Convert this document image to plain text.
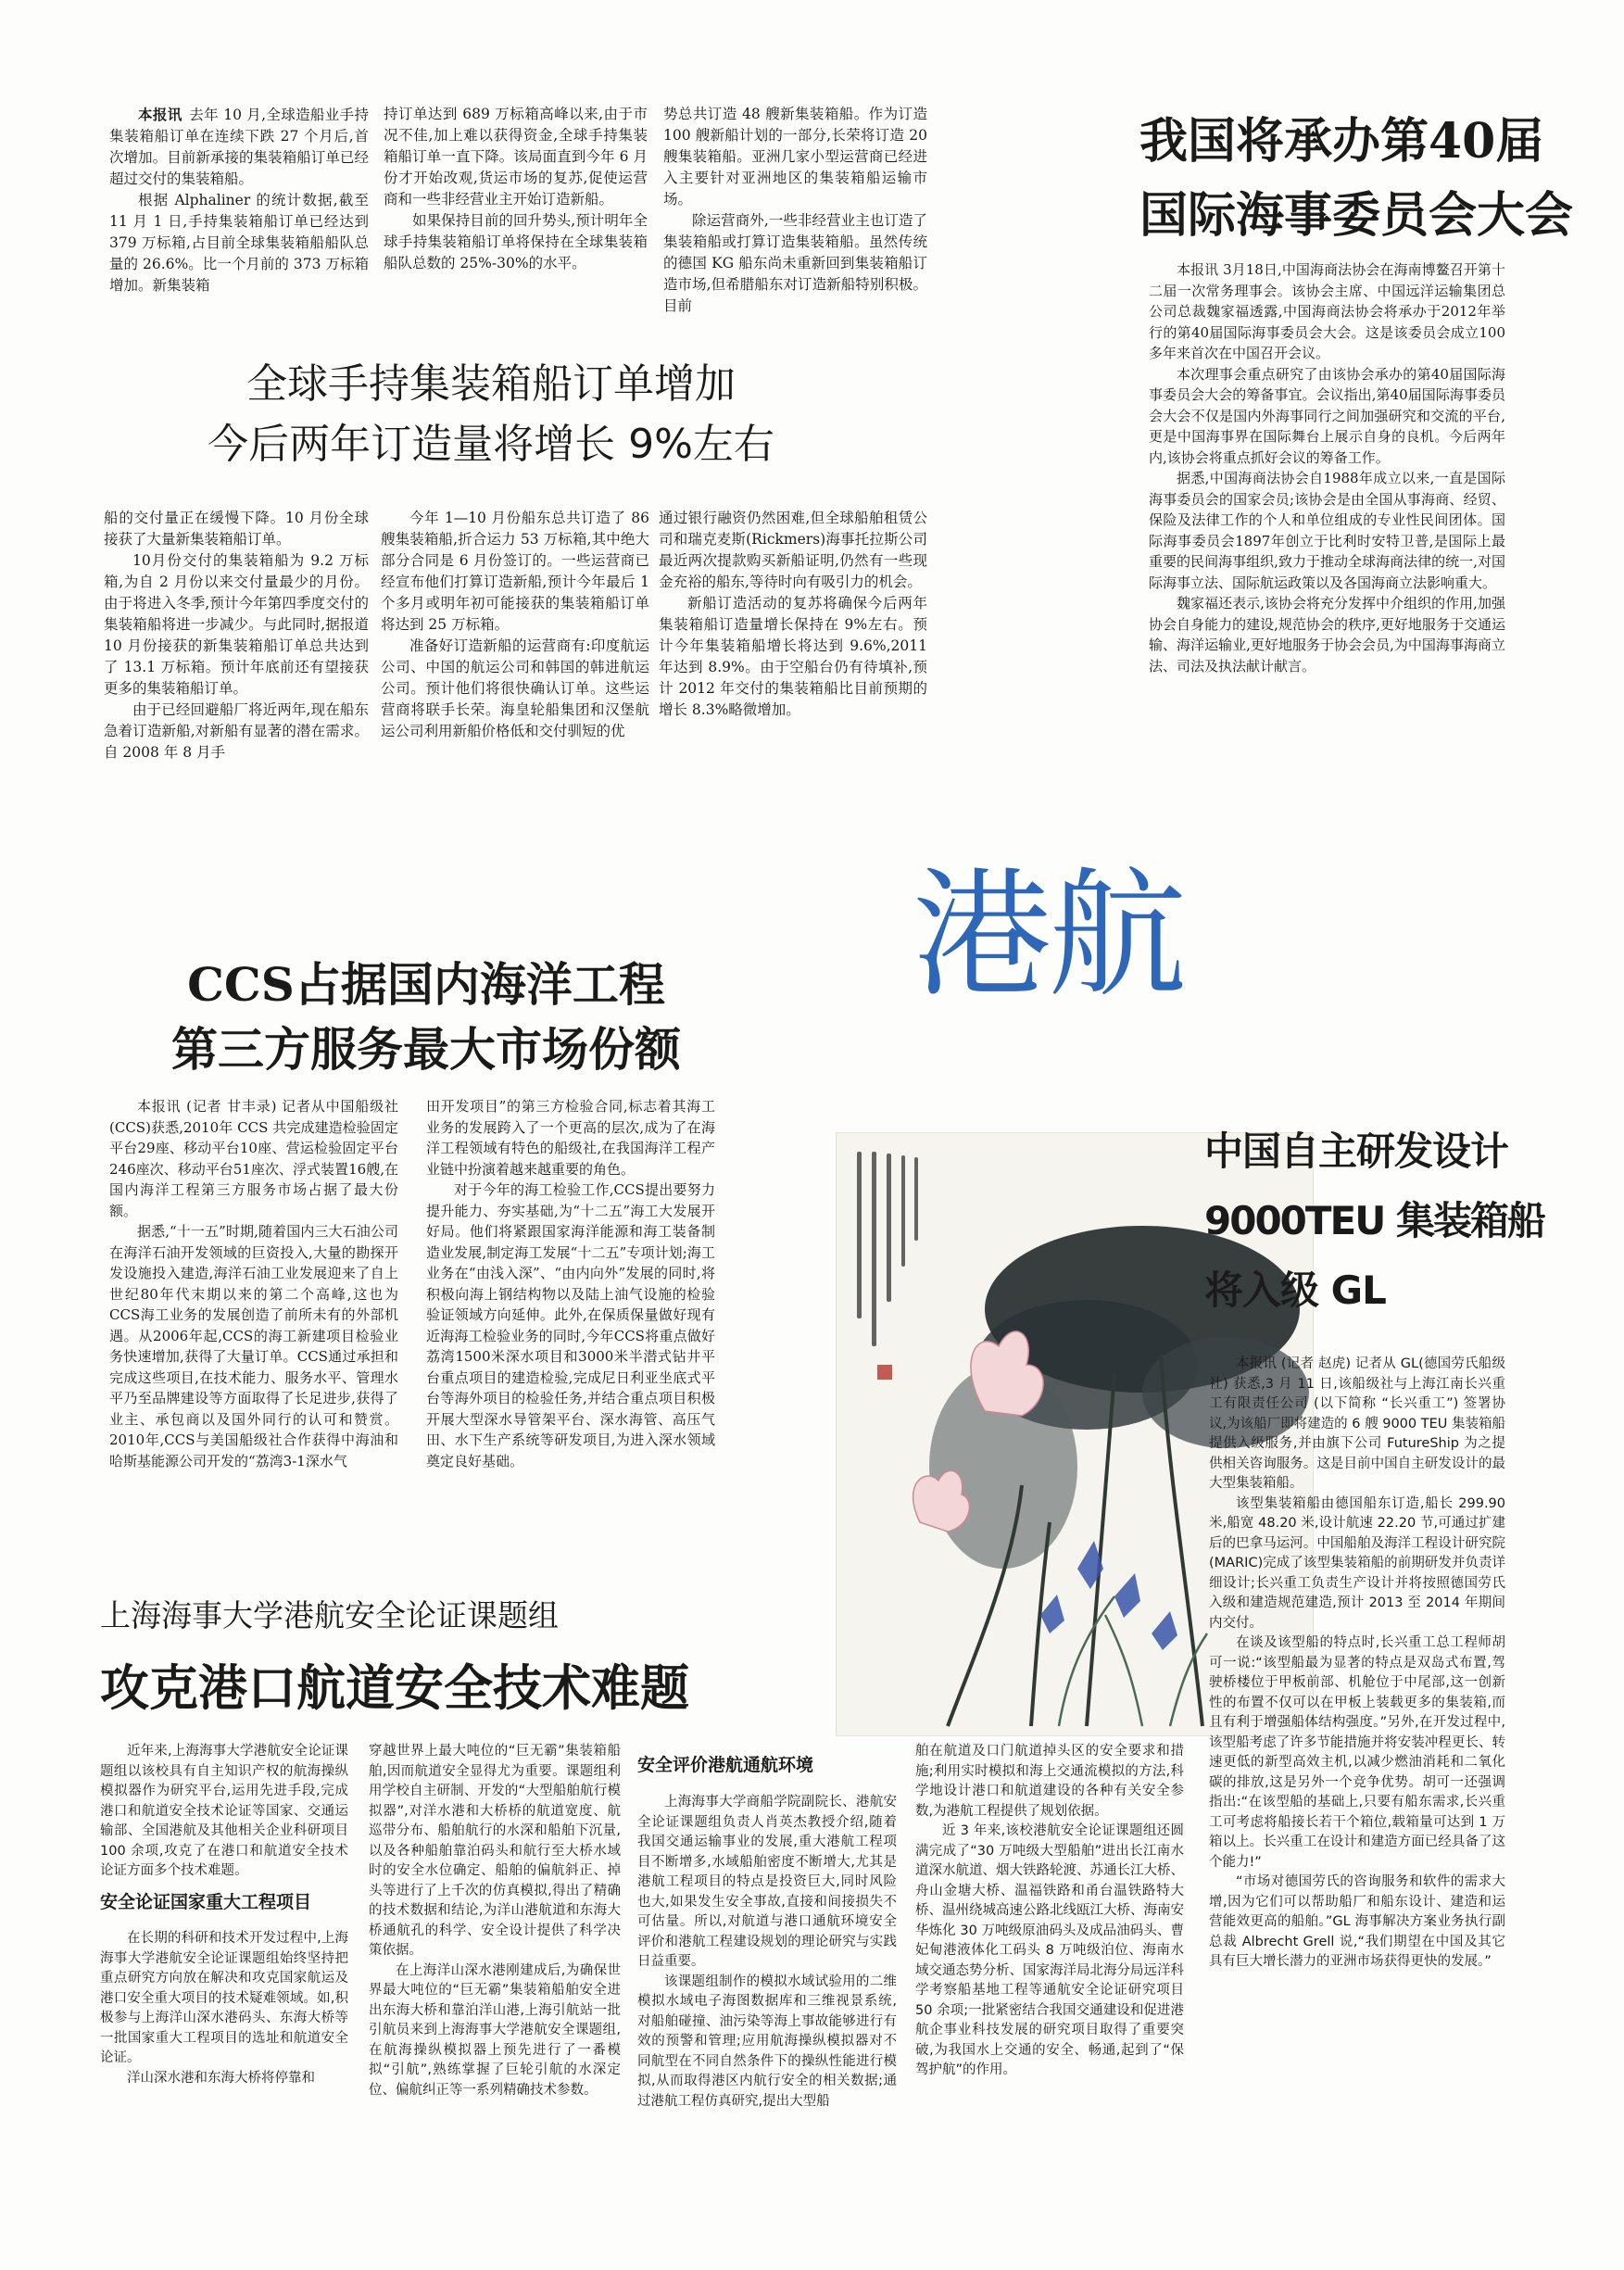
本报讯 去年 10 月,全球造船业手持集装箱船订单在连续下跌 27 个月后,首次增加。目前新承接的集装箱船订单已经超过交付的集装箱船。

根据 Alphaliner 的统计数据,截至 11 月 1 日,手持集装箱船订单已经达到 379 万标箱,占目前全球集装箱船船队总量的 26.6%。比一个月前的 373 万标箱增加。新集装箱

持订单达到 689 万标箱高峰以来,由于市况不佳,加上难以获得资金,全球手持集装箱船订单一直下降。该局面直到今年 6 月份才开始改观,货运市场的复苏,促使运营商和一些非经营业主开始订造新船。

如果保持目前的回升势头,预计明年全球手持集装箱船订单将保持在全球集装箱船队总数的 25%-30%的水平。

势总共订造 48 艘新集装箱船。作为订造 100 艘新船计划的一部分,长荣将订造 20 艘集装箱船。亚洲几家小型运营商已经进入主要针对亚洲地区的集装箱船运输市场。

除运营商外,一些非经营业主也订造了集装箱船或打算订造集装箱船。虽然传统的德国 KG 船东尚未重新回到集装箱船订造市场,但希腊船东对订造新船特别积极。目前

全球手持集装箱船订单增加
今后两年订造量将增长 9%左右

船的交付量正在缓慢下降。10 月份全球接获了大量新集装箱船订单。

10月份交付的集装箱船为 9.2 万标箱,为自 2 月份以来交付量最少的月份。由于将进入冬季,预计今年第四季度交付的集装箱船将进一步减少。与此同时,据报道 10 月份接获的新集装箱船订单总共达到了 13.1 万标箱。预计年底前还有望接获更多的集装箱船订单。

由于已经回避船厂将近两年,现在船东急着订造新船,对新船有显著的潜在需求。自 2008 年 8 月手

今年 1—10 月份船东总共订造了 86 艘集装箱船,折合运力 53 万标箱,其中绝大部分合同是 6 月份签订的。一些运营商已经宣布他们打算订造新船,预计今年最后 1 个多月或明年初可能接获的集装箱船订单将达到 25 万标箱。

准备好订造新船的运营商有:印度航运公司、中国的航运公司和韩国的韩进航运公司。预计他们将很快确认订单。这些运营商将联手长荣。海皇轮船集团和汉堡航运公司利用新船价格低和交付驯短的优

通过银行融资仍然困难,但全球船舶租赁公司和瑞克麦斯(Rickmers)海事托拉斯公司最近两次提款购买新船证明,仍然有一些现金充裕的船东,等待时向有吸引力的机会。

新船订造活动的复苏将确保今后两年集装箱船订造量增长保持在 9%左右。预计今年集装箱船增长将达到 9.6%,2011 年达到 8.9%。由于空船台仍有待填补,预计 2012 年交付的集装箱船比目前预期的增长 8.3%略微增加。

我国将承办第40届
国际海事委员会大会

本报讯 3月18日,中国海商法协会在海南博鳌召开第十二届一次常务理事会。该协会主席、中国远洋运输集团总公司总裁魏家福透露,中国海商法协会将承办于2012年举行的第40届国际海事委员会大会。这是该委员会成立100多年来首次在中国召开会议。

本次理事会重点研究了由该协会承办的第40届国际海事委员会大会的筹备事宜。会议指出,第40届国际海事委员会大会不仅是国内外海事同行之间加强研究和交流的平台,更是中国海事界在国际舞台上展示自身的良机。今后两年内,该协会将重点抓好会议的筹备工作。

据悉,中国海商法协会自1988年成立以来,一直是国际海事委员会的国家会员;该协会是由全国从事海商、经贸、保险及法律工作的个人和单位组成的专业性民间团体。国际海事委员会1897年创立于比利时安特卫普,是国际上最重要的民间海事组织,致力于推动全球海商法律的统一,对国际海事立法、国际航运政策以及各国海商立法影响重大。

魏家福还表示,该协会将充分发挥中介组织的作用,加强协会自身能力的建设,规范协会的秩序,更好地服务于交通运输、海洋运输业,更好地服务于协会会员,为中国海事海商立法、司法及执法献计献言。

港航
CCS占据国内海洋工程
第三方服务最大市场份额

本报讯 (记者 甘丰录) 记者从中国船级社(CCS)获悉,2010年 CCS 共完成建造检验固定平台29座、移动平台10座、营运检验固定平台246座次、移动平台51座次、浮式装置16艘,在国内海洋工程第三方服务市场占据了最大份额。

据悉,“十一五”时期,随着国内三大石油公司在海洋石油开发领域的巨资投入,大量的勘探开发设施投入建造,海洋石油工业发展迎来了自上世纪80年代末期以来的第二个高峰,这也为CCS海工业务的发展创造了前所未有的外部机遇。从2006年起,CCS的海工新建项目检验业务快速增加,获得了大量订单。CCS通过承担和完成这些项目,在技术能力、服务水平、管理水平乃至品牌建设等方面取得了长足进步,获得了业主、承包商以及国外同行的认可和赞赏。2010年,CCS与美国船级社合作获得中海油和哈斯基能源公司开发的“荔湾3-1深水气

田开发项目”的第三方检验合同,标志着其海工业务的发展跨入了一个更高的层次,成为了在海洋工程领域有特色的船级社,在我国海洋工程产业链中扮演着越来越重要的角色。

对于今年的海工检验工作,CCS提出要努力提升能力、夯实基础,为“十二五”海工大发展开好局。他们将紧跟国家海洋能源和海工装备制造业发展,制定海工发展“十二五”专项计划;海工业务在“由浅入深”、“由内向外”发展的同时,将积极向海上钢结构物以及陆上油气设施的检验验证领域方向延伸。此外,在保质保量做好现有近海海工检验业务的同时,今年CCS将重点做好荔湾1500米深水项目和3000米半潜式钻井平台重点项目的建造检验,完成尼日利亚坐底式平台等海外项目的检验任务,并结合重点项目积极开展大型深水导管架平台、深水海管、高压气田、水下生产系统等研发项目,为进入深水领域奠定良好基础。

中国自主研发设计
9000TEU 集装箱船
将入级 GL

本报讯 (记者 赵虎) 记者从 GL(德国劳氏船级社) 获悉,3 月 11 日,该船级社与上海江南长兴重工有限责任公司 (以下简称 “长兴重工”) 签署协议,为该船厂即将建造的 6 艘 9000 TEU 集装箱船提供入级服务,并由旗下公司 FutureShip 为之提供相关咨询服务。这是目前中国自主研发设计的最大型集装箱船。

该型集装箱船由德国船东订造,船长 299.90 米,船宽 48.20 米,设计航速 22.20 节,可通过扩建后的巴拿马运河。中国船舶及海洋工程设计研究院(MARIC)完成了该型集装箱船的前期研发并负责详细设计;长兴重工负责生产设计并将按照德国劳氏入级和建造规范建造,预计 2013 至 2014 年期间内交付。

在谈及该型船的特点时,长兴重工总工程师胡可一说:“该型船最为显著的特点是双岛式布置,驾驶桥楼位于甲板前部、机舱位于中尾部,这一创新性的布置不仅可以在甲板上装载更多的集装箱,而且有利于增强船体结构强度。”另外,在开发过程中,该型船考虑了许多节能措施并将安装冲程更长、转速更低的新型高效主机,以减少燃油消耗和二氧化碳的排放,这是另外一个竞争优势。胡可一还强调指出:“在该型船的基础上,只要有船东需求,长兴重工可考虑将船接长若干个箱位,载箱量可达到 1 万箱以上。长兴重工在设计和建造方面已经具备了这个能力!”

“市场对德国劳氏的咨询服务和软件的需求大增,因为它们可以帮助船厂和船东设计、建造和运营能效更高的船舶。”GL 海事解决方案业务执行副总裁 Albrecht Grell 说,“我们期望在中国及其它具有巨大增长潜力的亚洲市场获得更快的发展。”

上海海事大学港航安全论证课题组
攻克港口航道安全技术难题

近年来,上海海事大学港航安全论证课题组以该校具有自主知识产权的航海操纵模拟器作为研究平台,运用先进手段,完成港口和航道安全技术论证等国家、交通运输部、全国港航及其他相关企业科研项目 100 余项,攻克了在港口和航道安全技术论证方面多个技术难题。

安全论证国家重大工程项目

在长期的科研和技术开发过程中,上海海事大学港航安全论证课题组始终坚持把重点研究方向放在解决和攻克国家航运及港口安全重大项目的技术疑难领域。如,积极参与上海洋山深水港码头、东海大桥等一批国家重大工程项目的选址和航道安全论证。

洋山深水港和东海大桥将停靠和

穿越世界上最大吨位的“巨无霸”集装箱船舶,因而航道安全显得尤为重要。课题组利用学校自主研制、开发的“大型船舶航行模拟器”,对洋水港和大桥桥的航道宽度、航巡带分布、船舶航行的水深和船舶下沉量,以及各种船舶靠泊码头和航行至大桥水域时的安全水位确定、船舶的偏航斜正、掉头等进行了上千次的仿真模拟,得出了精确的技术数据和结论,为洋山港航道和东海大桥通航孔的科学、安全设计提供了科学决策依据。

在上海洋山深水港刚建成后,为确保世界最大吨位的“巨无霸”集装箱船舶安全进出东海大桥和靠泊洋山港,上海引航站一批引航员来到上海海事大学港航安全课题组,在航海操纵模拟器上预先进行了一番模拟“引航”,熟练掌握了巨轮引航的水深定位、偏航纠正等一系列精确技术参数。

安全评价港航通航环境

上海海事大学商船学院副院长、港航安全论证课题组负责人肖英杰教授介绍,随着我国交通运输事业的发展,重大港航工程项目不断增多,水域船舶密度不断增大,尤其是港航工程项目的特点是投资巨大,同时风险也大,如果发生安全事故,直接和间接损失不可估量。所以,对航道与港口通航环境安全评价和港航工程建设规划的理论研究与实践日益重要。

该课题组制作的模拟水域试验用的二维模拟水域电子海图数据库和三维视景系统,对船舶碰撞、油污染等海上事故能够进行有效的预警和管理;应用航海操纵模拟器对不同航型在不同自然条件下的操纵性能进行模拟,从而取得港区内航行安全的相关数据;通过港航工程仿真研究,提出大型船

舶在航道及口门航道掉头区的安全要求和措施;利用实时模拟和海上交通流模拟的方法,科学地设计港口和航道建设的各种有关安全参数,为港航工程提供了规划依据。

近 3 年来,该校港航安全论证课题组还圆满完成了“30 万吨级大型船舶”进出长江南水道深水航道、烟大铁路轮渡、苏通长江大桥、舟山金塘大桥、温福铁路和甬台温铁路特大桥、温州绕城高速公路北线瓯江大桥、海南安华炼化 30 万吨级原油码头及成品油码头、曹妃甸港液体化工码头 8 万吨级泊位、海南水域交通态势分析、国家海洋局北海分局远洋科学考察船基地工程等通航安全论证研究项目 50 余项;一批紧密结合我国交通建设和促进港航企事业科技发展的研究项目取得了重要突破,为我国水上交通的安全、畅通,起到了“保驾护航”的作用。
